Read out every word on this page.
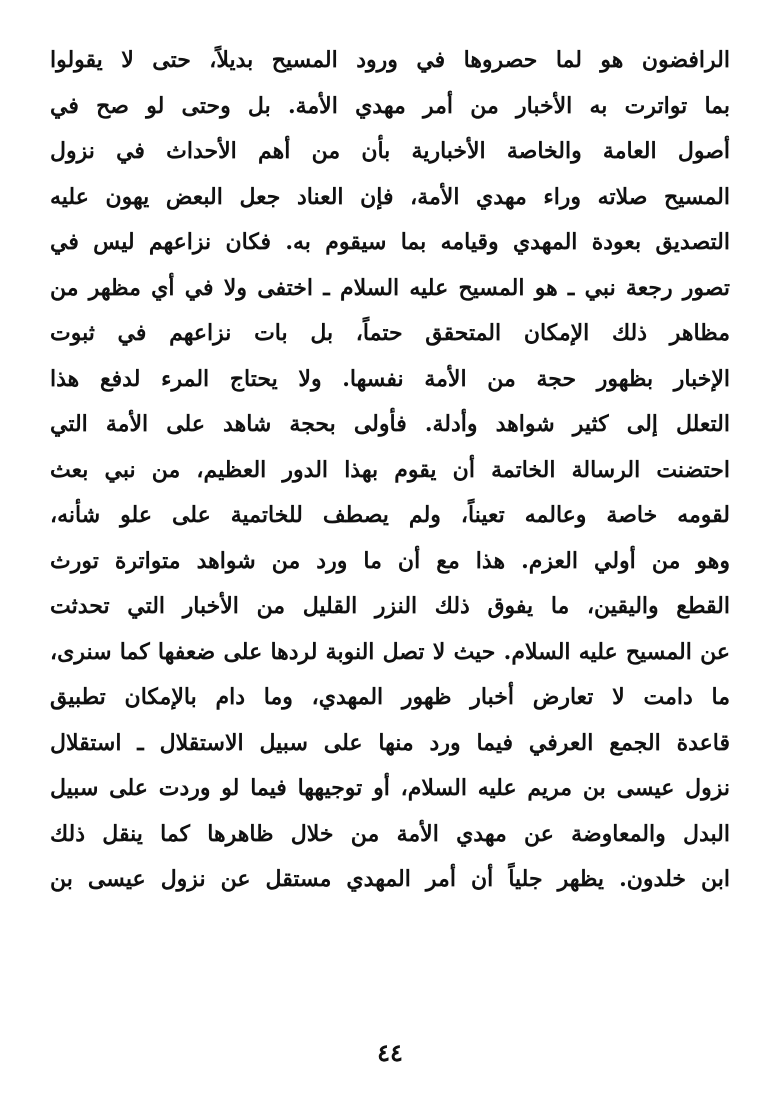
الرافضون هو لما حصروها في ورود المسيح بديلاً، حتى لا يقولوا
بما تواترت به الأخبار من أمر مهدي الأمة. بل وحتى لو صح في
أصول العامة والخاصة الأخبارية بأن من أهم الأحداث في نزول
المسيح صلاته وراء مهدي الأمة، فإن العناد جعل البعض يهون عليه
التصديق بعودة المهدي وقيامه بما سيقوم به. فكان نزاعهم ليس في
تصور رجعة نبي ـ هو المسيح عليه السلام ـ اختفى ولا في أي مظهر من
مظاهر ذلك الإمكان المتحقق حتماً، بل بات نزاعهم في ثبوت
الإخبار بظهور حجة من الأمة نفسها. ولا يحتاج المرء لدفع هذا
التعلل إلى كثير شواهد وأدلة. فأولى بحجة شاهد على الأمة التي
احتضنت الرسالة الخاتمة أن يقوم بهذا الدور العظيم، من نبي بعث
لقومه خاصة وعالمه تعيناً، ولم يصطف للخاتمية على علو شأنه،
وهو من أولي العزم. هذا مع أن ما ورد من شواهد متواترة تورث
القطع واليقين، ما يفوق ذلك النزر القليل من الأخبار التي تحدثت
عن المسيح عليه السلام. حيث لا تصل النوبة لردها على ضعفها كما سنرى،
ما دامت لا تعارض أخبار ظهور المهدي، وما دام بالإمكان تطبيق
قاعدة الجمع العرفي فيما ورد منها على سبيل الاستقلال ـ استقلال
نزول عيسى بن مريم عليه السلام، أو توجيهها فيما لو وردت على سبيل
البدل والمعاوضة عن مهدي الأمة من خلال ظاهرها كما ينقل ذلك
ابن خلدون. يظهر جلياً أن أمر المهدي مستقل عن نزول عيسى بن
٤٤
